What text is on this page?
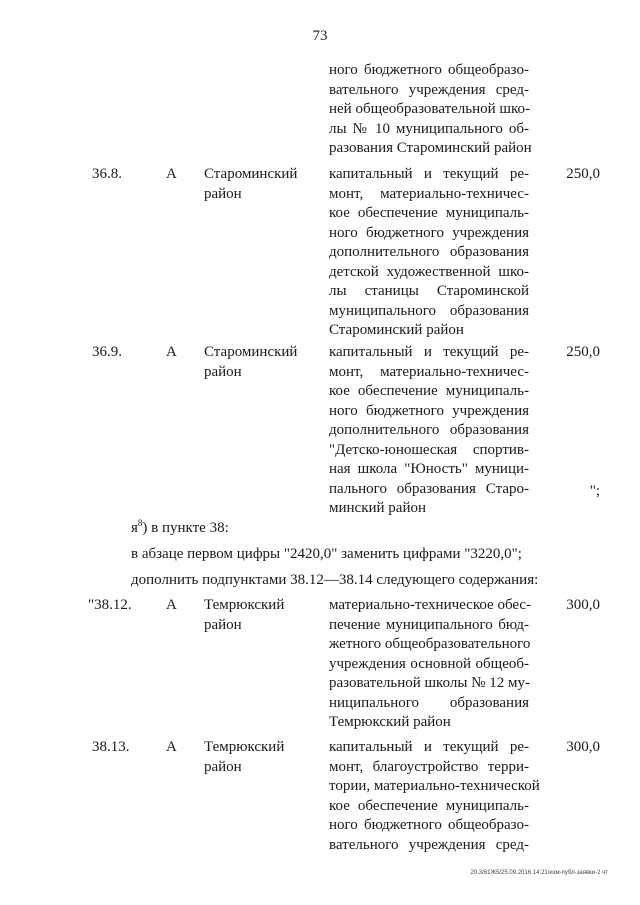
73
ного бюджетного общеобразо-
вательного учреждения сред-
ней общеобразовательной шко-
лы № 10 муниципального об-
разования Староминский район
36.8.	А Староминский район
капитальный и текущий ре-
монт, материально-техничес-
кое обеспечение муниципаль-
ного бюджетного учреждения
дополнительного образования
детской художественной шко-
лы станицы Староминской
муниципального образования
Староминский район
250,0
36.9.	А Староминский район
капитальный и текущий ре-
монт, материально-техничес-
кое обеспечение муниципаль-
ного бюджетного учреждения
дополнительного образования
"Детско-юношеская спортив-
ная школа "Юность" муници-
пального образования Старо-
минский район
250,0
";
$я^8$) в пункте 38:
в абзаце первом цифры "2420,0" заменить цифрами "3220,0";
дополнить подпунктами 38.12—38.14 следующего содержания:
"38.12. А Темрюкский район
материально-техническое обес-
печение муниципального бюд-
жетного общеобразовательного
учреждения основной общеоб-
разовательной школы № 12 му-
ниципального образования
Темрюкский район
300,0
38.13. А Темрюкский район
капитальный и текущий ре-
монт, благоустройство терри-
тории, материально-технической
кое обеспечение муниципаль-
ного бюджетного общеобразо-
вательного учреждения сред-
300,0
20.3/61Ж5/25.09.2016 14:21/изм-публ-заявки-2 чт
